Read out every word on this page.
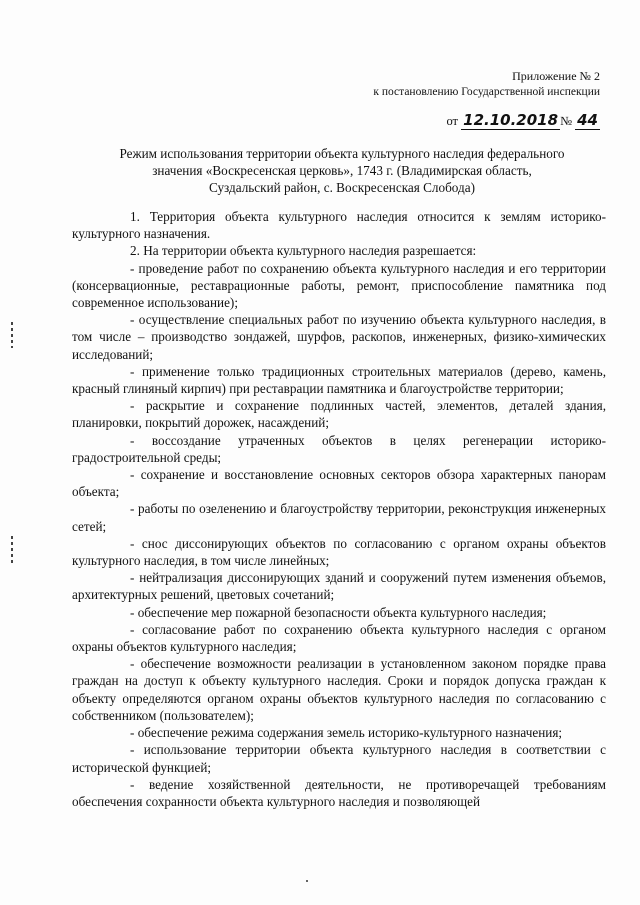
Приложение № 2
к постановлению Государственной инспекции
от 12.10.2018 № 44
Режим использования территории объекта культурного наследия федерального
значения «Воскресенская церковь», 1743 г. (Владимирская область,
Суздальский район, с. Воскресенская Слобода)

1. Территория объекта культурного наследия относится к землям историко-культурного назначения.

2. На территории объекта культурного наследия разрешается:

- проведение работ по сохранению объекта культурного наследия и его территории (консервационные, реставрационные работы, ремонт, приспособление памятника под современное использование);

- осуществление специальных работ по изучению объекта культурного наследия, в том числе – производство зондажей, шурфов, раскопов, инженерных, физико-химических исследований;

- применение только традиционных строительных материалов (дерево, камень, красный глиняный кирпич) при реставрации памятника и благоустройстве территории;

- раскрытие и сохранение подлинных частей, элементов, деталей здания, планировки, покрытий дорожек, насаждений;

- воссоздание утраченных объектов в целях регенерации историко-градостроительной среды;

- сохранение и восстановление основных секторов обзора характерных панорам объекта;

- работы по озеленению и благоустройству территории, реконструкция инженерных сетей;

- снос диссонирующих объектов по согласованию с органом охраны объектов культурного наследия, в том числе линейных;

- нейтрализация диссонирующих зданий и сооружений путем изменения объемов, архитектурных решений, цветовых сочетаний;

- обеспечение мер пожарной безопасности объекта культурного наследия;

- согласование работ по сохранению объекта культурного наследия с органом охраны объектов культурного наследия;

- обеспечение возможности реализации в установленном законом порядке права граждан на доступ к объекту культурного наследия. Сроки и порядок допуска граждан к объекту определяются органом охраны объектов культурного наследия по согласованию с собственником (пользователем);

- обеспечение режима содержания земель историко-культурного назначения;

- использование территории объекта культурного наследия в соответствии с исторической функцией;

- ведение хозяйственной деятельности, не противоречащей требованиям обеспечения сохранности объекта культурного наследия и позволяющей
